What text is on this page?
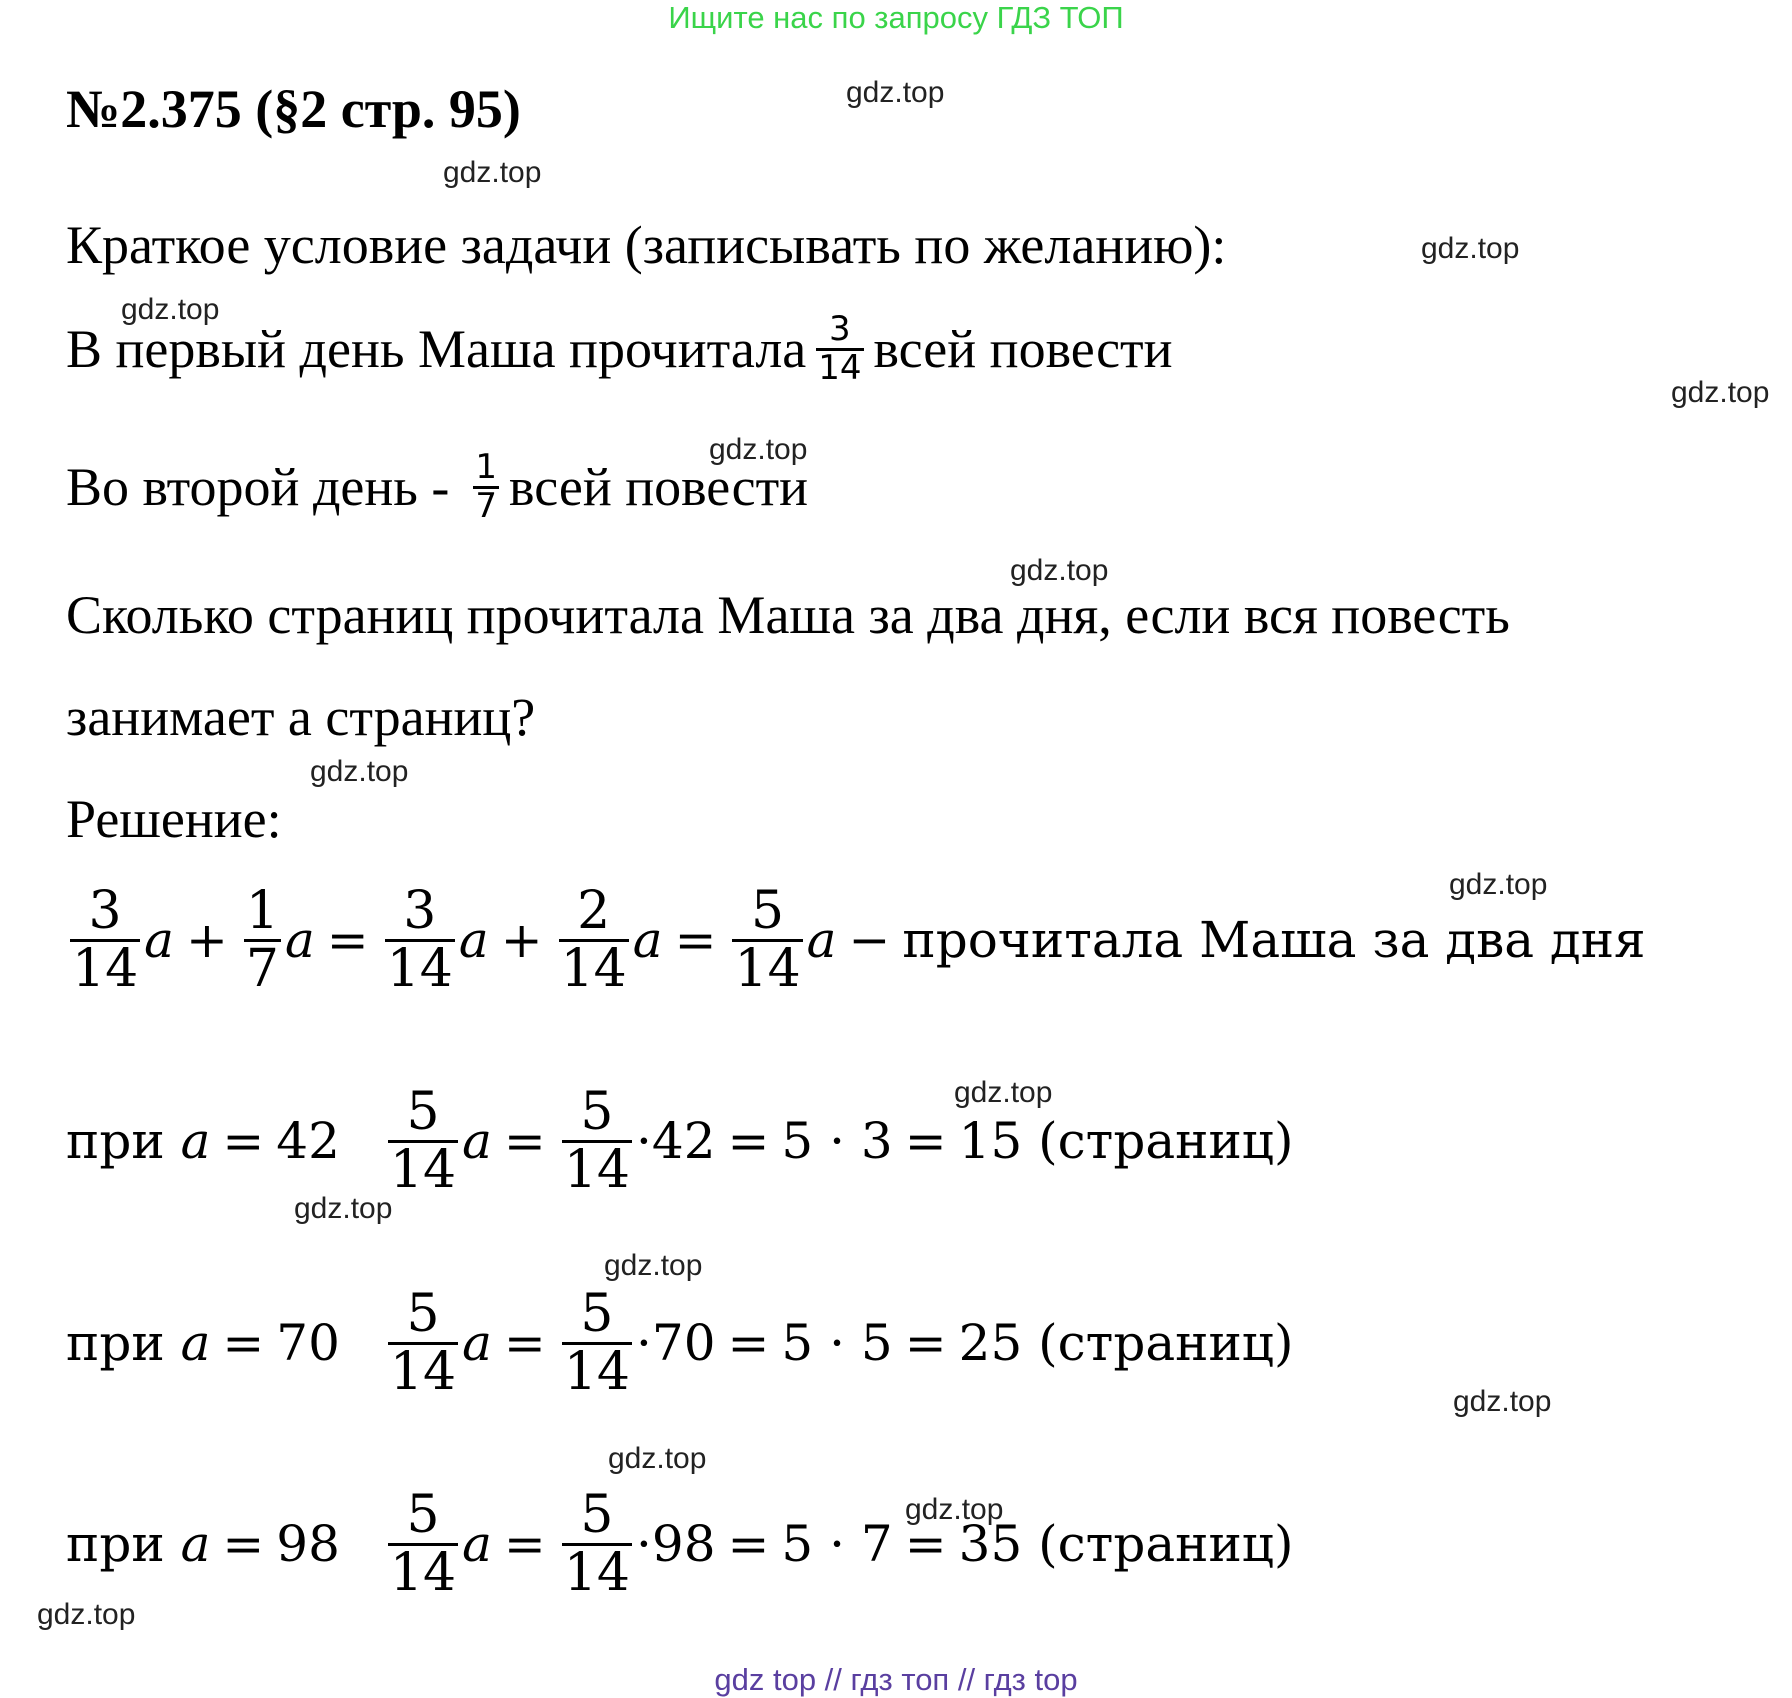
Ищите нас по запросу ГДЗ ТОП
№2.375 (§2 стр. 95)
Краткое условие задачи (записывать по желанию):
В первый день Маша прочитала $\frac{3}{14}$ всей повести
Во второй день - $\frac{1}{7}$ всей повести
Сколько страниц прочитала Маша за два дня, если вся повесть
занимает а страниц?
Решение:
$\frac{3}{14}$ $a + \frac{1}{7}$ $a = \frac{3}{14}$ $a + \frac{2}{14}$ $a = \frac{5}{14}$ a − прочитала Маша за два дня
при
$a = 42 \frac{5}{14}$ $a = \frac{5}{14} \cdot 42 = 5 \cdot 3 = 15$
(страниц)
при
$a = 70 \frac{5}{14}$ $a = \frac{5}{14} \cdot 70 = 5 \cdot 5 = 25$
(страниц)
при
$a = 98 \frac{5}{14}$ $a = \frac{5}{14} \cdot 98 = 5 \cdot 7 = 35$
(страниц)
gdz.top
gdz.top
gdz.top
gdz.top
gdz.top
gdz.top
gdz.top
gdz.top
gdz.top
gdz.top
gdz.top
gdz.top
gdz.top
gdz.top
gdz.top
gdz.top
gdz top // гдз топ // гдз top
